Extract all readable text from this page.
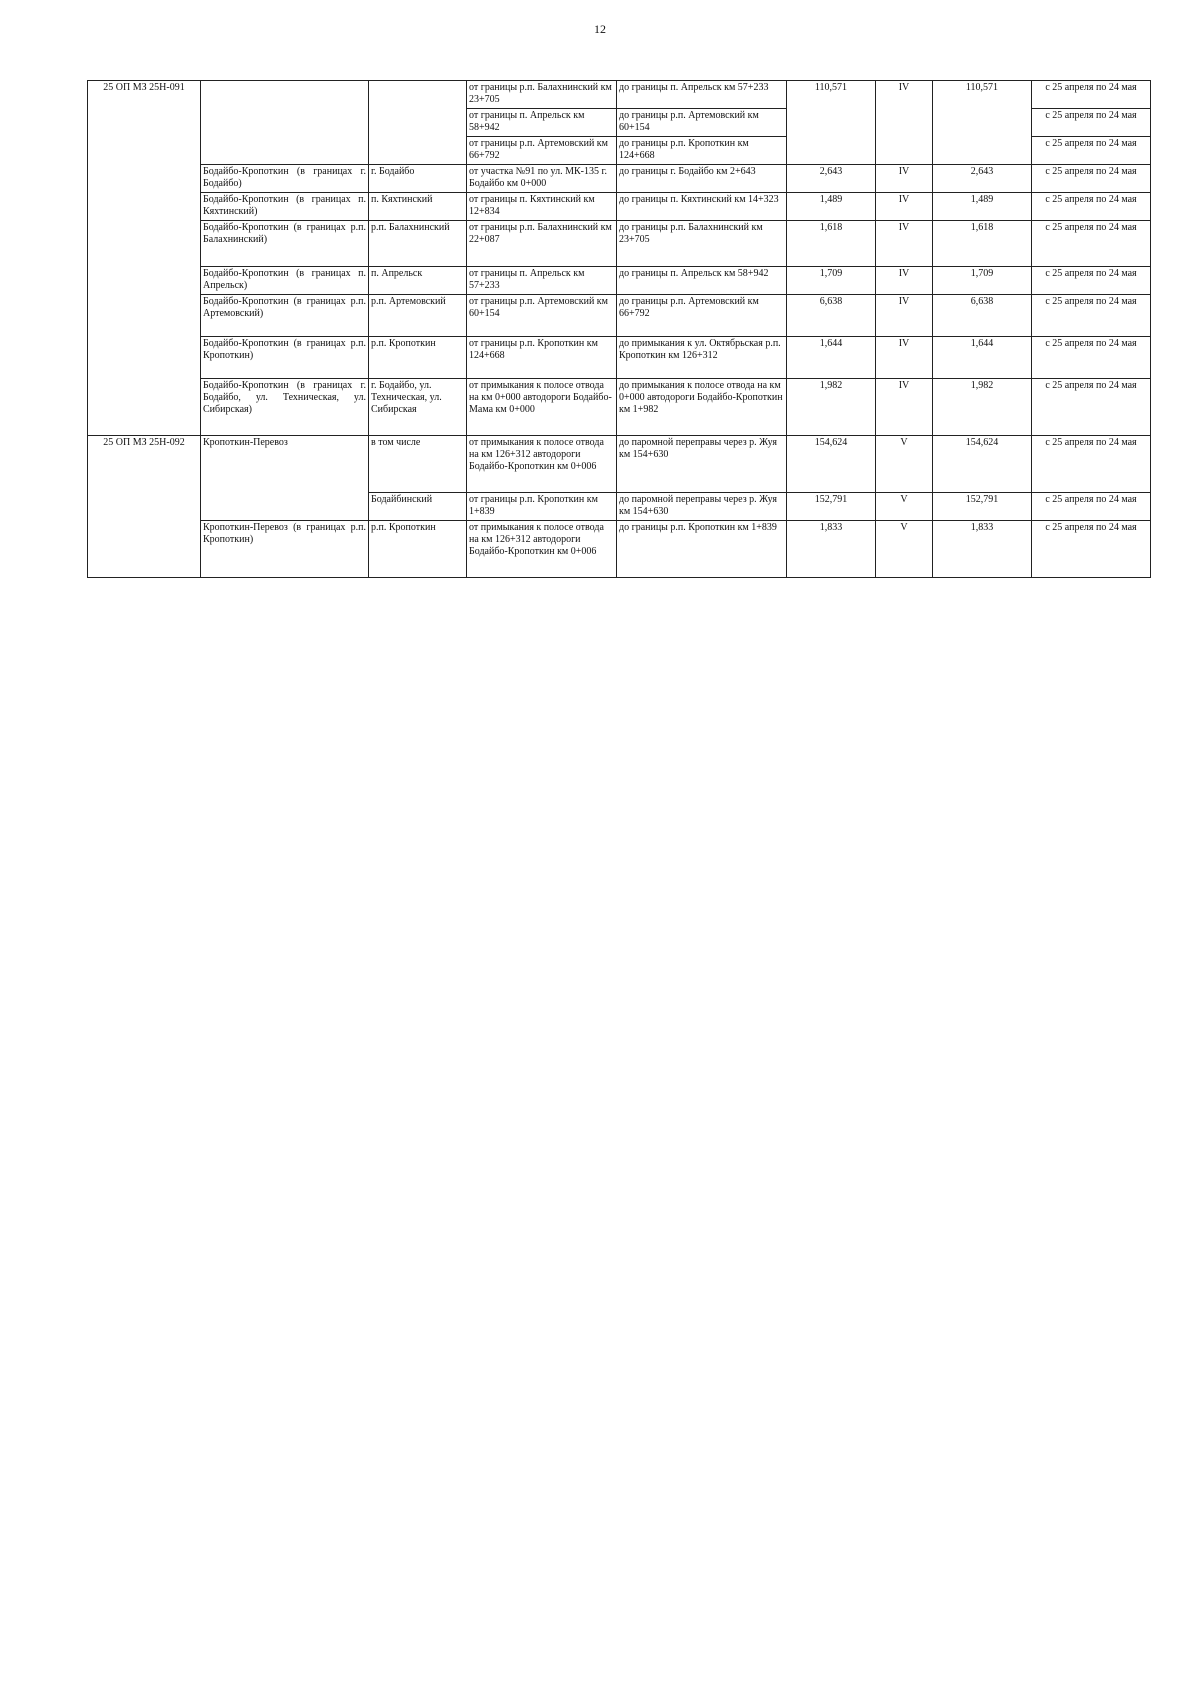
12
25 ОП МЗ 25Н-091			от границы р.п. Балахнинский км 23+705	до границы п. Апрельск км 57+233	110,571	IV	110,571	с 25 апреля по 24 мая
			от границы п. Апрельск км 58+942	до границы р.п. Артемовский км 60+154				с 25 апреля по 24 мая
			от границы р.п. Артемовский км 66+792	до границы р.п. Кропоткин км 124+668				с 25 апреля по 24 мая
	Бодайбо-Кропоткин (в границах г. Бодайбо)	г. Бодайбо	от участка №91 по ул. МК-135 г. Бодайбо км 0+000	до границы г. Бодайбо км 2+643	2,643	IV	2,643	с 25 апреля по 24 мая
	Бодайбо-Кропоткин (в границах п. Кяхтинский)	п. Кяхтинский	от границы п. Кяхтинский км 12+834	до границы п. Кяхтинский км 14+323	1,489	IV	1,489	с 25 апреля по 24 мая
	Бодайбо-Кропоткин (в границах р.п. Балахнинский)	р.п. Балахнинский	от границы р.п. Балахнинский км 22+087	до границы р.п. Балахнинский км 23+705	1,618	IV	1,618	с 25 апреля по 24 мая
	Бодайбо-Кропоткин (в границах п. Апрельск)	п. Апрельск	от границы п. Апрельск км 57+233	до границы п. Апрельск км 58+942	1,709	IV	1,709	с 25 апреля по 24 мая
	Бодайбо-Кропоткин (в границах р.п. Артемовский)	р.п. Артемовский	от границы р.п. Артемовский км 60+154	до границы р.п. Артемовский км 66+792	6,638	IV	6,638	с 25 апреля по 24 мая
	Бодайбо-Кропоткин (в границах р.п. Кропоткин)	р.п. Кропоткин	от границы р.п. Кропоткин км 124+668	до примыкания к ул. Октябрьская р.п. Кропоткин км 126+312	1,644	IV	1,644	с 25 апреля по 24 мая
	Бодайбо-Кропоткин (в границах г. Бодайбо, ул. Техническая, ул. Сибирская)	г. Бодайбо, ул. Техническая, ул. Сибирская	от примыкания к полосе отвода на км 0+000 автодороги Бодайбо-Мама км 0+000	до примыкания к полосе отвода на км 0+000 автодороги Бодайбо-Кропоткин км 1+982	1,982	IV	1,982	с 25 апреля по 24 мая
25 ОП МЗ 25Н-092	Кропоткин-Перевоз	в том числе	от примыкания к полосе отвода на км 126+312 автодороги Бодайбо-Кропоткин км 0+006	до паромной переправы через р. Жуя км 154+630	154,624	V	154,624	с 25 апреля по 24 мая
		Бодайбинский	от границы р.п. Кропоткин км 1+839	до паромной переправы через р. Жуя км 154+630	152,791	V	152,791	с 25 апреля по 24 мая
	Кропоткин-Перевоз (в границах р.п. Кропоткин)	р.п. Кропоткин	от примыкания к полосе отвода на км 126+312 автодороги Бодайбо-Кропоткин км 0+006	до границы р.п. Кропоткин км 1+839	1,833	V	1,833	с 25 апреля по 24 мая
